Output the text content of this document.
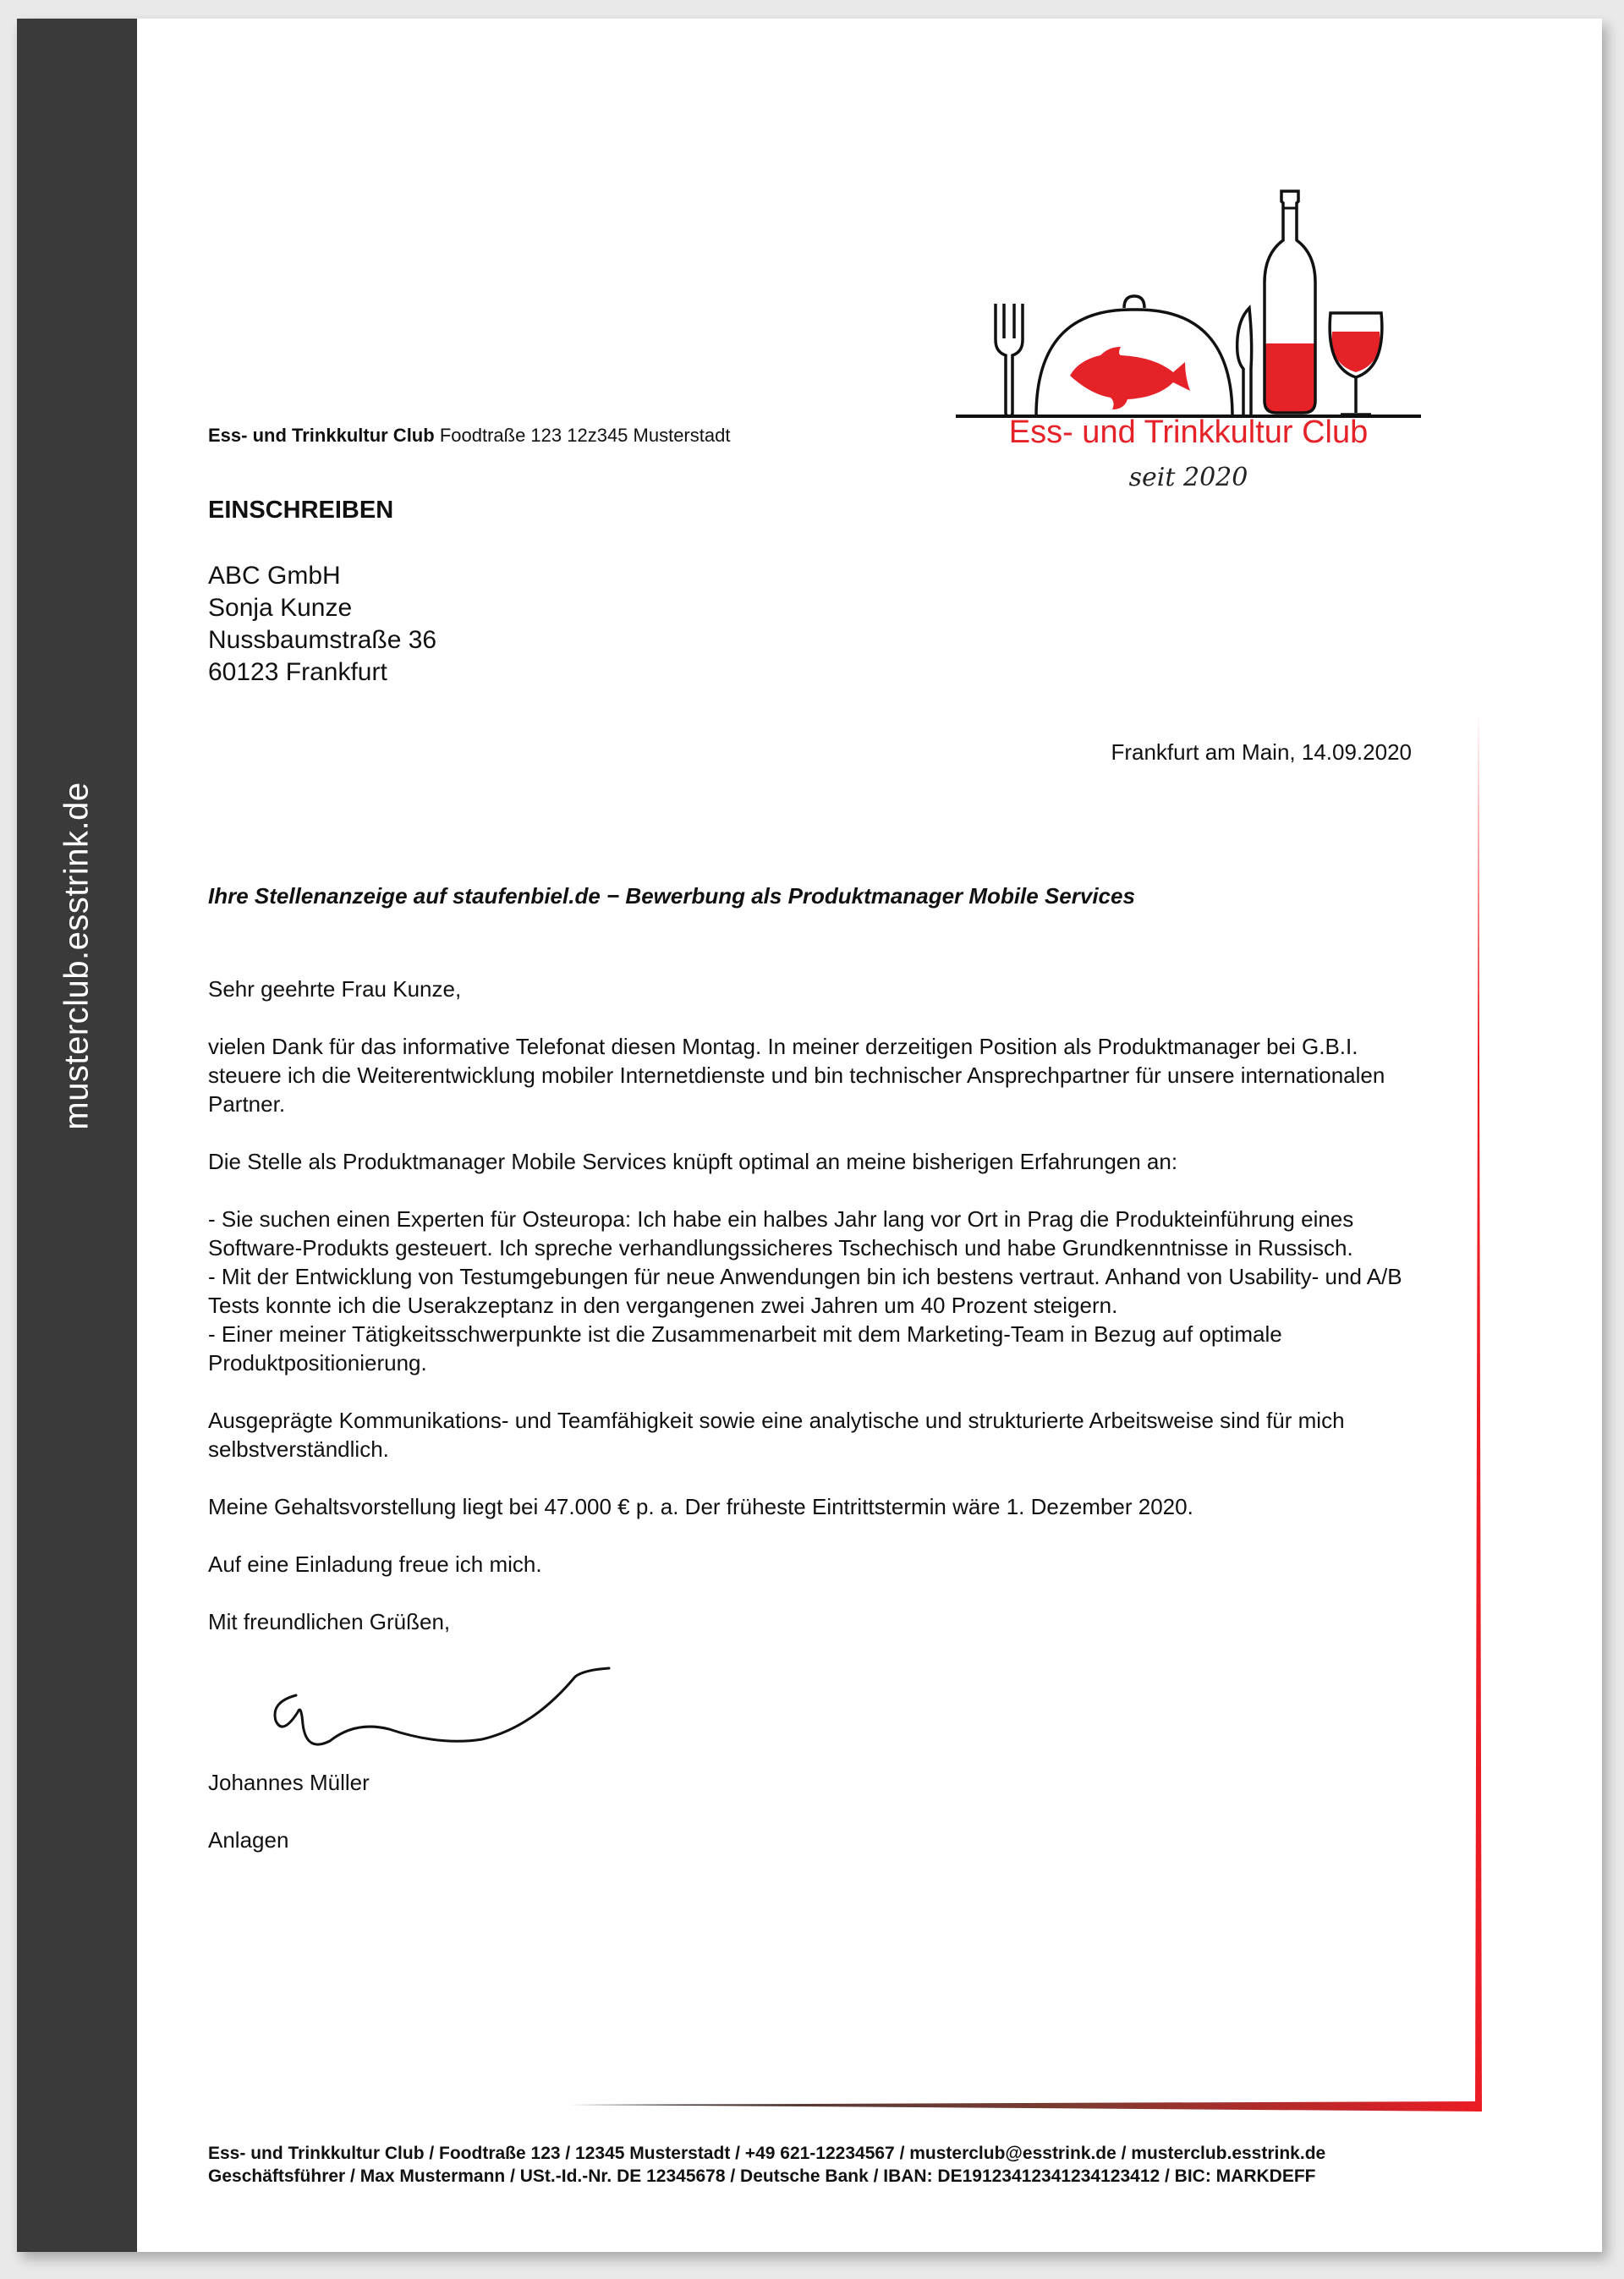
musterclub.esstrink.de
Ess- und Trinkkultur Club
seit 2020
Ess- und Trinkkultur Club Foodtraße 123 12z345 Musterstadt
EINSCHREIBEN
ABC GmbH
Sonja Kunze
Nussbaumstraße 36
60123 Frankfurt
Frankfurt am Main, 14.09.2020
Ihre Stellenanzeige auf staufenbiel.de − Bewerbung als Produktmanager Mobile Services

Sehr geehrte Frau Kunze,

vielen Dank für das informative Telefonat diesen Montag. In meiner derzeitigen Position als Produktmanager bei G.B.I. steuere ich die Weiterentwicklung mobiler Internetdienste und bin technischer Ansprechpartner für unsere internationalen Partner.

Die Stelle als Produktmanager Mobile Services knüpft optimal an meine bisherigen Erfahrungen an:

- Sie suchen einen Experten für Osteuropa: Ich habe ein halbes Jahr lang vor Ort in Prag die Produkteinführung eines Software-Produkts gesteuert. Ich spreche verhandlungssicheres Tschechisch und habe Grundkenntnisse in Russisch.

- Mit der Entwicklung von Testumgebungen für neue Anwendungen bin ich bestens vertraut. Anhand von Usability- und A/B Tests konnte ich die Userakzeptanz in den vergangenen zwei Jahren um 40 Prozent steigern.

- Einer meiner Tätigkeitsschwerpunkte ist die Zusammenarbeit mit dem Marketing-Team in Bezug auf optimale Produktpositionierung.

Ausgeprägte Kommunikations- und Teamfähigkeit sowie eine analytische und strukturierte Arbeitsweise sind für mich selbstverständlich.

Meine Gehaltsvorstellung liegt bei 47.000 € p. a. Der früheste Eintrittstermin wäre 1. Dezember 2020.

Auf eine Einladung freue ich mich.

Mit freundlichen Grüßen,

Johannes Müller
Anlagen
Ess- und Trinkkultur Club / Foodtraße 123 / 12345 Musterstadt / +49 621-12234567 / musterclub@esstrink.de / musterclub.esstrink.de
Geschäftsführer / Max Mustermann / USt.-Id.-Nr. DE 12345678 / Deutsche Bank / IBAN: DE19123412341234123412 / BIC: MARKDEFF
